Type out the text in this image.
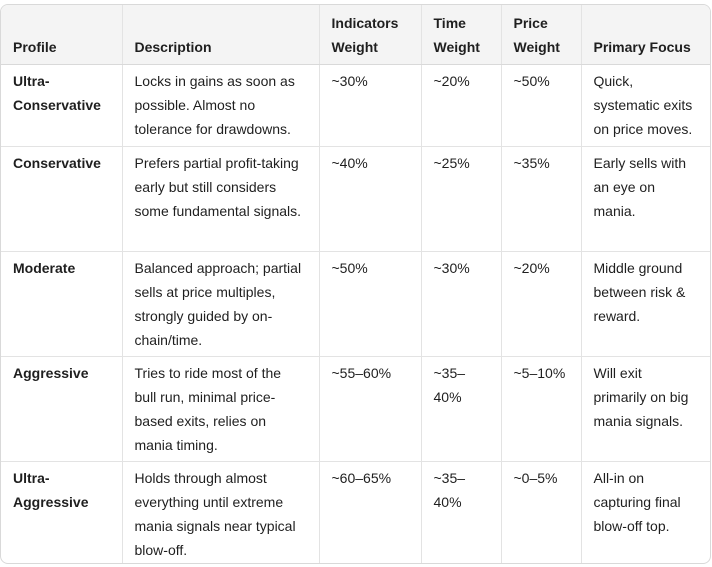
Profile	Description	Indicators Weight	Time Weight	Price Weight	Primary Focus
Ultra-Conservative	Locks in gains as soon as possible. Almost no tolerance for drawdowns.	~30%	~20%	~50%	Quick, systematic exits on price moves.
Conservative	Prefers partial profit-taking early but still considers some fundamental signals.	~40%	~25%	~35%	Early sells with an eye on mania.
Moderate	Balanced approach; partial sells at price multiples, strongly guided by on-chain/time.	~50%	~30%	~20%	Middle ground between risk & reward.
Aggressive	Tries to ride most of the bull run, minimal price-based exits, relies on mania timing.	~55–60%	~35–40%	~5–10%	Will exit primarily on big mania signals.
Ultra-Aggressive	Holds through almost everything until extreme mania signals near typical blow-off.	~60–65%	~35–40%	~0–5%	All-in on capturing final blow-off top.
